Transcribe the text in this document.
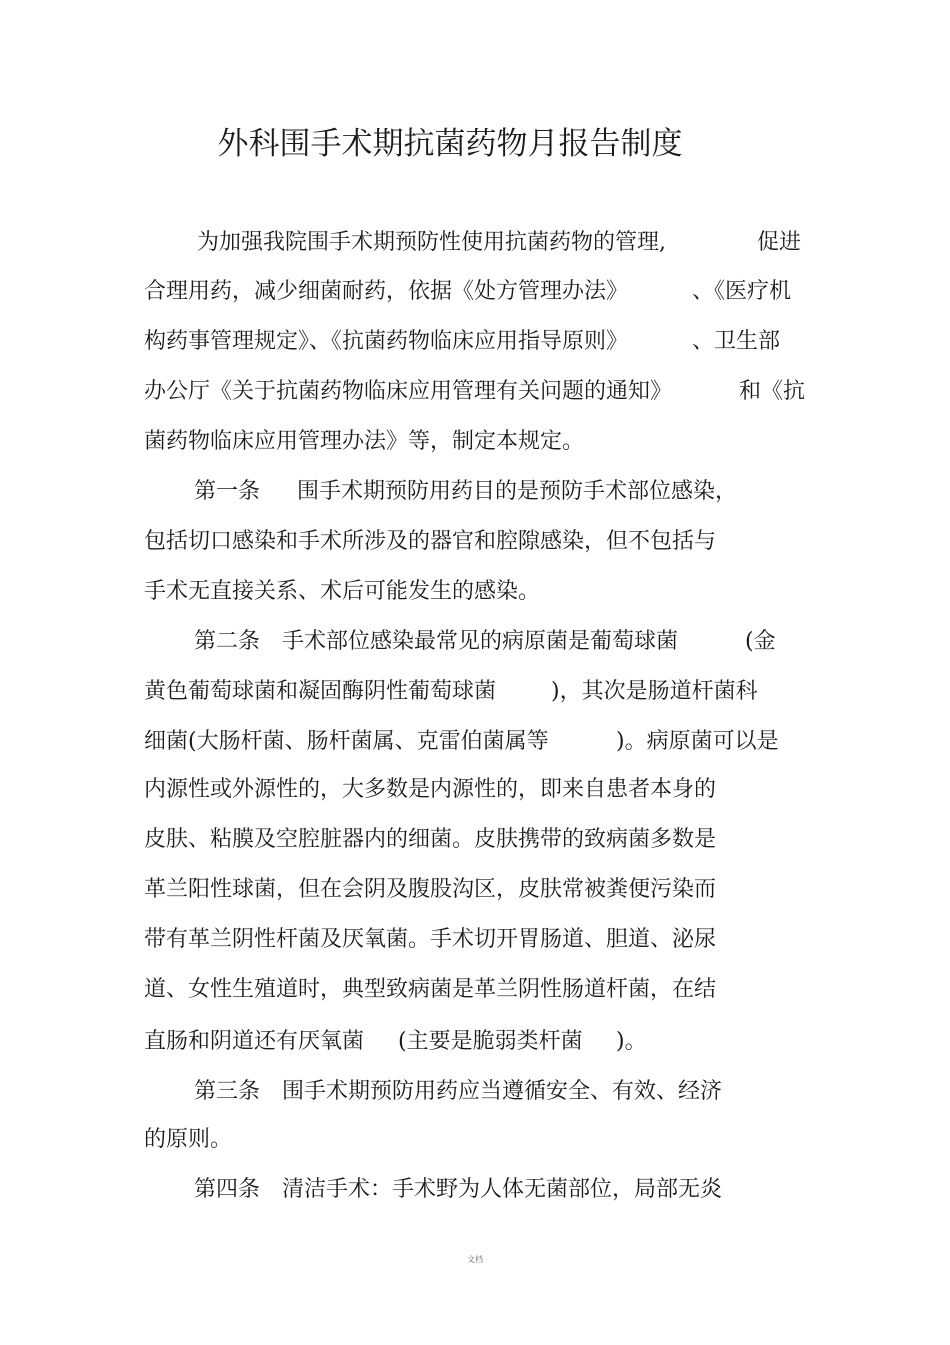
外科围手术期抗菌药物月报告制度
为加强我院围手术期预防性使用抗菌药物的管理,	促进
合理用药，减少细菌耐药，依据《处方管理办法》	、《医疗机
构药事管理规定》、《抗菌药物临床应用指导原则》	、卫生部
办公厅《关于抗菌药物临床应用管理有关问题的通知》	和《抗
菌药物临床应用管理办法》等，制定本规定。
第一条 围手术期预防用药目的是预防手术部位感染，
包括切口感染和手术所涉及的器官和腔隙感染，但不包括与
手术无直接关系、术后可能发生的感染。
第二条　手术部位感染最常见的病原菌是葡萄球菌	(金
黄色葡萄球菌和凝固酶阴性葡萄球菌 )，其次是肠道杆菌科
细菌(大肠杆菌、肠杆菌属、克雷伯菌属等	)。病原菌可以是
内源性或外源性的，大多数是内源性的，即来自患者本身的
皮肤、粘膜及空腔脏器内的细菌。皮肤携带的致病菌多数是
革兰阳性球菌，但在会阴及腹股沟区，皮肤常被粪便污染而
带有革兰阴性杆菌及厌氧菌。手术切开胃肠道、胆道、泌尿
道、女性生殖道时，典型致病菌是革兰阴性肠道杆菌，在结
直肠和阴道还有厌氧菌 (主要是脆弱类杆菌 )。
第三条　围手术期预防用药应当遵循安全、有效、经济
的原则。
第四条　清洁手术：手术野为人体无菌部位，局部无炎
文档
